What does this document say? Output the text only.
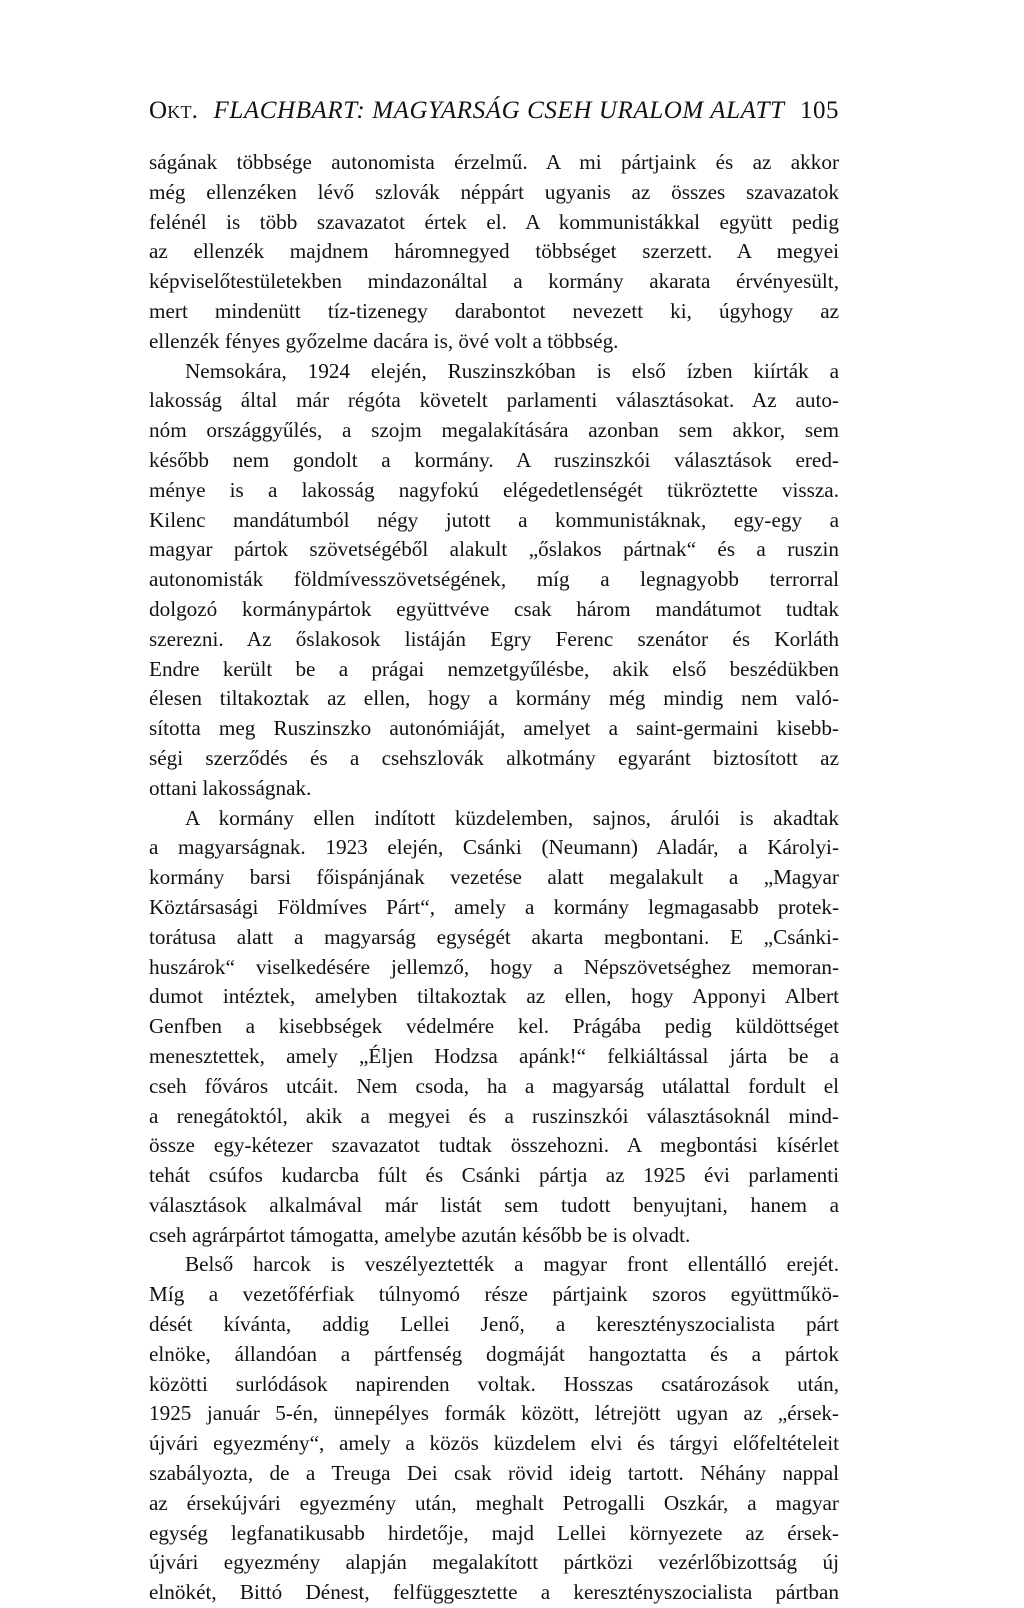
Okt. FLACHBART: MAGYARSÁG CSEH URALOM ALATT 105
ságának többsége autonomista érzelmű. A mi pártjaink és az akkor
még ellenzéken lévő szlovák néppárt ugyanis az összes szavazatok
felénél is több szavazatot értek el. A kommunistákkal együtt pedig
az ellenzék majdnem háromnegyed többséget szerzett. A megyei
képviselőtestületekben mindazonáltal a kormány akarata érvényesült,
mert mindenütt tíz-tizenegy darabontot nevezett ki, úgyhogy az
ellenzék fényes győzelme dacára is, övé volt a többség.
Nemsokára, 1924 elején, Ruszinszkóban is első ízben kiírták a
lakosság által már régóta követelt parlamenti választásokat. Az auto-
nóm országgyűlés, a szojm megalakítására azonban sem akkor, sem
később nem gondolt a kormány. A ruszinszkói választások ered-
ménye is a lakosság nagyfokú elégedetlenségét tükröztette vissza.
Kilenc mandátumból négy jutott a kommunistáknak, egy-egy a
magyar pártok szövetségéből alakult „őslakos pártnak“ és a ruszin
autonomisták földmívesszövetségének, míg a legnagyobb terrorral
dolgozó kormánypártok együttvéve csak három mandátumot tudtak
szerezni. Az őslakosok listáján Egry Ferenc szenátor és Korláth
Endre került be a prágai nemzetgyűlésbe, akik első beszédükben
élesen tiltakoztak az ellen, hogy a kormány még mindig nem való-
sította meg Ruszinszko autonómiáját, amelyet a saint-germaini kisebb-
ségi szerződés és a csehszlovák alkotmány egyaránt biztosított az
ottani lakosságnak.
A kormány ellen indított küzdelemben, sajnos, árulói is akadtak
a magyarságnak. 1923 elején, Csánki (Neumann) Aladár, a Károlyi-
kormány barsi főispánjának vezetése alatt megalakult a „Magyar
Köztársasági Földmíves Párt“, amely a kormány legmagasabb protek-
torátusa alatt a magyarság egységét akarta megbontani. E „Csánki-
huszárok“ viselkedésére jellemző, hogy a Népszövetséghez memoran-
dumot intéztek, amelyben tiltakoztak az ellen, hogy Apponyi Albert
Genfben a kisebbségek védelmére kel. Prágába pedig küldöttséget
menesztettek, amely „Éljen Hodzsa apánk!“ felkiáltással járta be a
cseh főváros utcáit. Nem csoda, ha a magyarság utálattal fordult el
a renegátoktól, akik a megyei és a ruszinszkói választásoknál mind-
össze egy-kétezer szavazatot tudtak összehozni. A megbontási kísérlet
tehát csúfos kudarcba fúlt és Csánki pártja az 1925 évi parlamenti
választások alkalmával már listát sem tudott benyujtani, hanem a
cseh agrárpártot támogatta, amelybe azután később be is olvadt.
Belső harcok is veszélyeztették a magyar front ellentálló erejét.
Míg a vezetőférfiak túlnyomó része pártjaink szoros együttműkö-
dését kívánta, addig Lellei Jenő, a keresztényszocialista párt
elnöke, állandóan a pártfenség dogmáját hangoztatta és a pártok
közötti surlódások napirenden voltak. Hosszas csatározások után,
1925 január 5-én, ünnepélyes formák között, létrejött ugyan az „érsek-
újvári egyezmény“, amely a közös küzdelem elvi és tárgyi előfeltételeit
szabályozta, de a Treuga Dei csak rövid ideig tartott. Néhány nappal
az érsekújvári egyezmény után, meghalt Petrogalli Oszkár, a magyar
egység legfanatikusabb hirdetője, majd Lellei környezete az érsek-
újvári egyezmény alapján megalakított pártközi vezérlőbizottság új
elnökét, Bittó Dénest, felfüggesztette a keresztényszocialista pártban
